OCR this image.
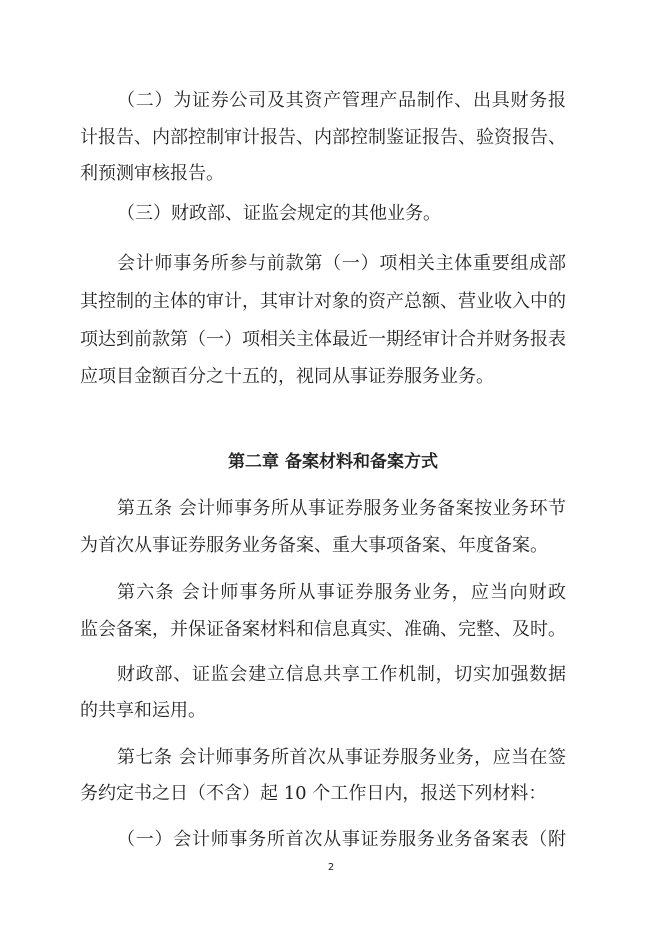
2
（二）为证券公司及其资产管理产品制作、出具财务报
计报告、内部控制审计报告、内部控制鉴证报告、验资报告、
利预测审核报告。
（三）财政部、证监会规定的其他业务。
会计师事务所参与前款第（一）项相关主体重要组成部
其控制的主体的审计，其审计对象的资产总额、营业收入中的
项达到前款第（一）项相关主体最近一期经审计合并财务报表
应项目金额百分之十五的，视同从事证券服务业务。
第二章 备案材料和备案方式
第五条 会计师事务所从事证券服务业务备案按业务环节
为首次从事证券服务业务备案、重大事项备案、年度备案。
第六条 会计师事务所从事证券服务业务，应当向财政
监会备案，并保证备案材料和信息真实、准确、完整、及时。
财政部、证监会建立信息共享工作机制，切实加强数据
的共享和运用。
第七条 会计师事务所首次从事证券服务业务，应当在签
务约定书之日（不含）起 10 个工作日内，报送下列材料：
（一）会计师事务所首次从事证券服务业务备案表（附
